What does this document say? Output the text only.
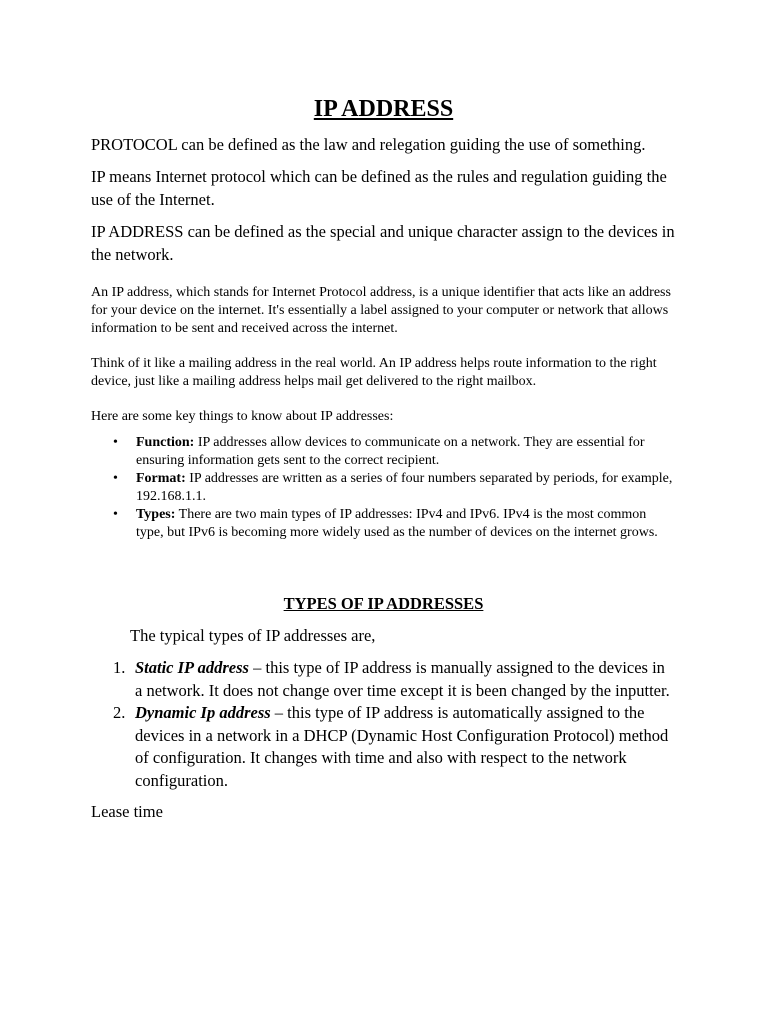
IP ADDRESS

PROTOCOL can be defined as the law and relegation guiding the use of something.

IP means Internet protocol which can be defined as the rules and regulation guiding the use of the Internet.

IP ADDRESS can be defined as the special and unique character assign to the devices in the network.

An IP address, which stands for Internet Protocol address, is a unique identifier that acts like an address for your device on the internet. It's essentially a label assigned to your computer or network that allows information to be sent and received across the internet.

Think of it like a mailing address in the real world. An IP address helps route information to the right device, just like a mailing address helps mail get delivered to the right mailbox.

Here are some key things to know about IP addresses:

• Function: IP addresses allow devices to communicate on a network. They are essential for ensuring information gets sent to the correct recipient.
• Format: IP addresses are written as a series of four numbers separated by periods, for example, 192.168.1.1.
• Types: There are two main types of IP addresses: IPv4 and IPv6. IPv4 is the most common type, but IPv6 is becoming more widely used as the number of devices on the internet grows.
TYPES OF IP ADDRESSES

The typical types of IP addresses are,

1. Static IP address – this type of IP address is manually assigned to the devices in a network. It does not change over time except it is been changed by the inputter.
2. Dynamic Ip address – this type of IP address is automatically assigned to the devices in a network in a DHCP (Dynamic Host Configuration Protocol) method of configuration. It changes with time and also with respect to the network configuration.

Lease time
